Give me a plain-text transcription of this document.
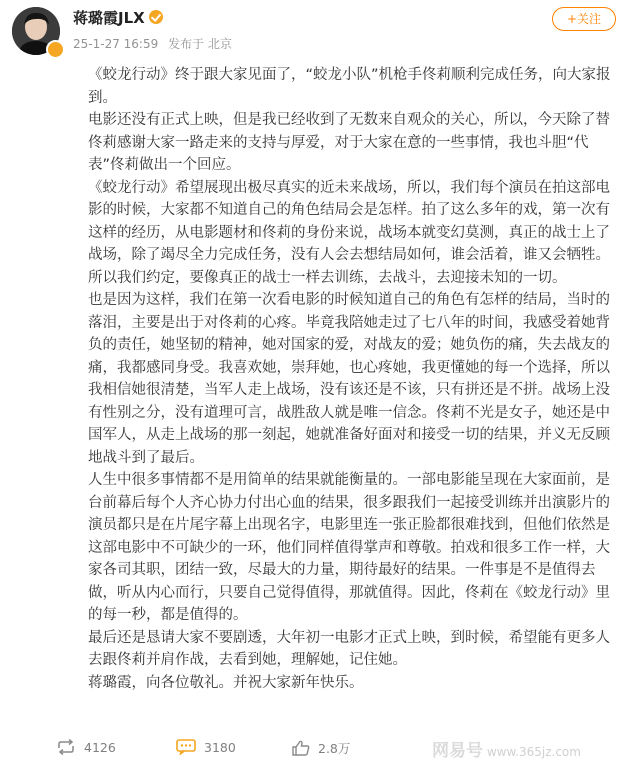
蒋璐霞JLX
25-1-27 16:59 发布于 北京
+关注

《蛟龙行动》终于跟大家见面了，“蛟龙小队”机枪手佟莉顺利完成任务，向大家报到。

电影还没有正式上映，但是我已经收到了无数来自观众的关心，所以，今天除了替佟莉感谢大家一路走来的支持与厚爱，对于大家在意的一些事情，我也斗胆“代表”佟莉做出一个回应。

《蛟龙行动》希望展现出极尽真实的近未来战场，所以，我们每个演员在拍这部电影的时候，大家都不知道自己的角色结局会是怎样。拍了这么多年的戏，第一次有这样的经历，从电影题材和佟莉的身份来说，战场本就变幻莫测，真正的战士上了战场，除了竭尽全力完成任务，没有人会去想结局如何，谁会活着，谁又会牺牲。所以我们约定，要像真正的战士一样去训练，去战斗，去迎接未知的一切。

也是因为这样，我们在第一次看电影的时候知道自己的角色有怎样的结局，当时的落泪，主要是出于对佟莉的心疼。毕竟我陪她走过了七八年的时间，我感受着她背负的责任，她坚韧的精神，她对国家的爱，对战友的爱；她负伤的痛，失去战友的痛，我都感同身受。我喜欢她，崇拜她，也心疼她，我更懂她的每一个选择，所以我相信她很清楚，当军人走上战场，没有该还是不该，只有拼还是不拼。战场上没有性别之分，没有道理可言，战胜敌人就是唯一信念。佟莉不光是女子，她还是中国军人，从走上战场的那一刻起，她就准备好面对和接受一切的结果，并义无反顾地战斗到了最后。

人生中很多事情都不是用简单的结果就能衡量的。一部电影能呈现在大家面前，是台前幕后每个人齐心协力付出心血的结果，很多跟我们一起接受训练并出演影片的演员都只是在片尾字幕上出现名字，电影里连一张正脸都很难找到，但他们依然是这部电影中不可缺少的一环，他们同样值得掌声和尊敬。拍戏和很多工作一样，大家各司其职，团结一致，尽最大的力量，期待最好的结果。一件事是不是值得去做，听从内心而行，只要自己觉得值得，那就值得。因此，佟莉在《蛟龙行动》里的每一秒，都是值得的。

最后还是恳请大家不要剧透，大年初一电影才正式上映，到时候，希望能有更多人去跟佟莉并肩作战，去看到她，理解她，记住她。

蒋璐霞，向各位敬礼。并祝大家新年快乐。

4126	3180	2.8万	网易号 www.365jz.com
